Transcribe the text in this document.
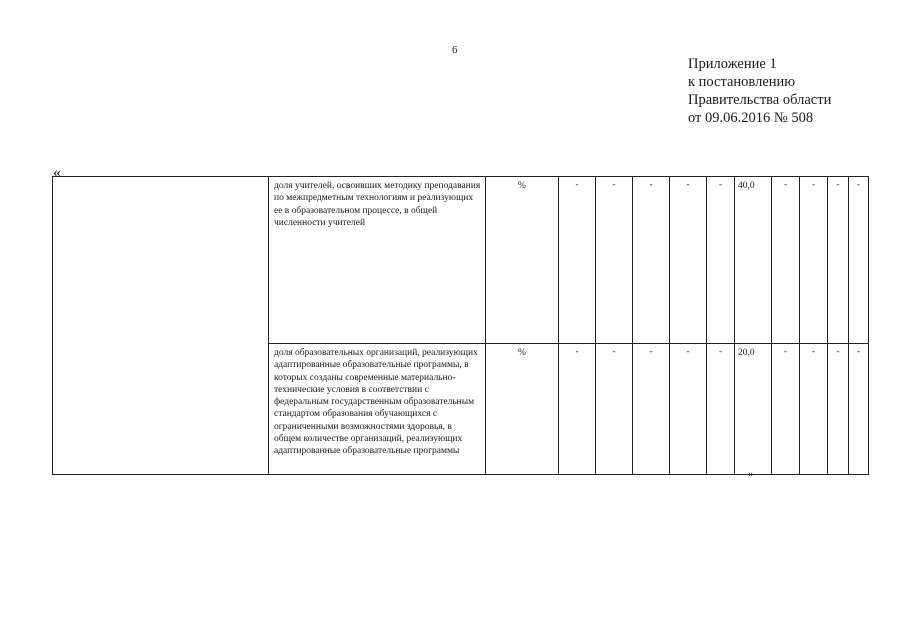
6
Приложение 1
к постановлению
Правительства области
от 09.06.2016 № 508
«
	доля учителей, освоивших методику преподавания по межпредметным технологиям и реализующих ее в образовательном процессе, в общей численности учителей	%	-	-	-	-	-	40,0	-	-	-	-
	доля образовательных организаций, реализующих адаптированные образовательные программы, в которых созданы современные материально-технические условия в соответствии с федеральным государственным образовательным стандартом образования обучающихся с ограниченными возможностями здоровья, в общем количестве организаций, реализующих адаптированные образовательные программы	%	-	-	-	-	-	20,0	-	-	-	-
»
